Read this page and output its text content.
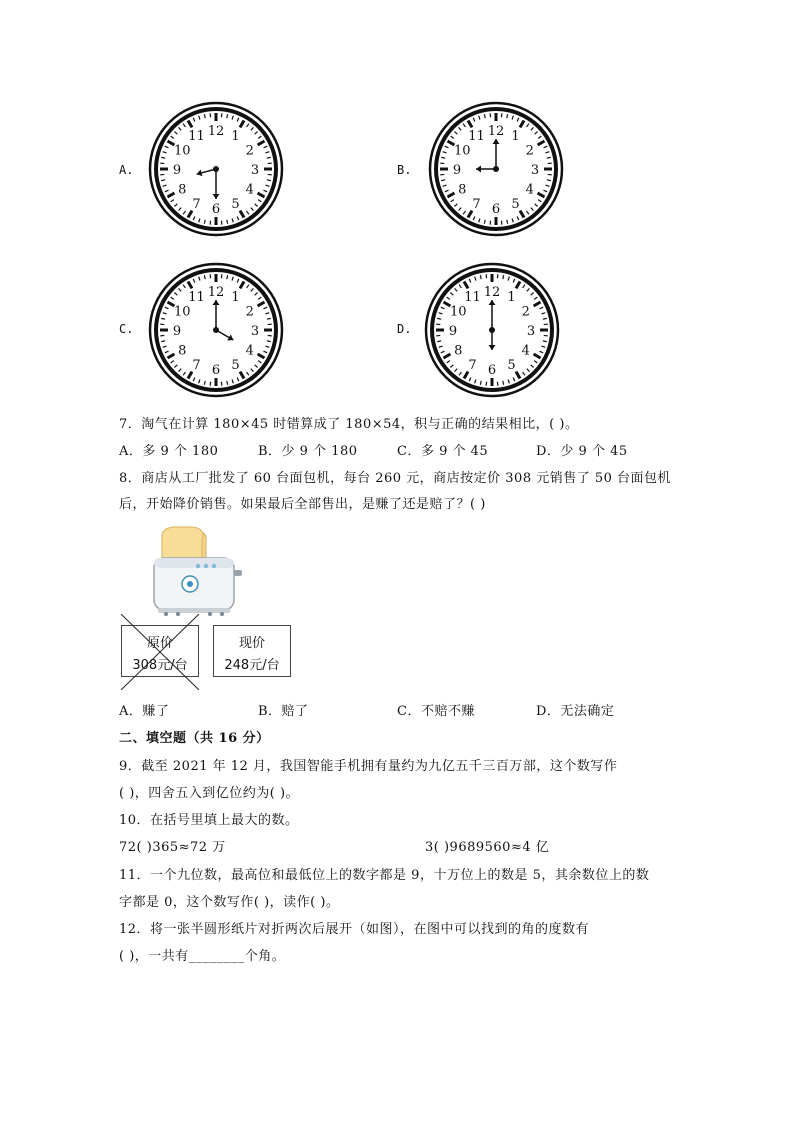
A.
12 1
2
3
4
5
6
7
8
9
10
11
B.
12 1
2
3
4
5
6
7
8
9
10
11
C.
12 1
2
3
4
5
6
7
8
9
10
11
D.
12 1
2
3
4
5
6
7
8
9
10
11
7．淘气在计算 180×45 时错算成了 180×54，积与正确的结果相比，( )。
A．多 9 个 180	B．少 9 个 180	C．多 9 个 45	D．少 9 个 45
8．商店从工厂批发了 60 台面包机，每台 260 元，商店按定价 308 元销售了 50 台面包机
后，开始降价销售。如果最后全部售出，是赚了还是赔了？( )
原价
308元/台
现价
248元/台
A．赚了	B．赔了	C．不赔不赚	D．无法确定
二、填空题（共 16 分）
9．截至 2021 年 12 月，我国智能手机拥有量约为九亿五千三百万部，这个数写作
( )，四舍五入到亿位约为( )。
10．在括号里填上最大的数。
72( )365≈72 万	3( )9689560≈4 亿
11．一个九位数，最高位和最低位上的数字都是 9，十万位上的数是 5，其余数位上的数
字都是 0，这个数写作( )，读作( )。
12．将一张半圆形纸片对折两次后展开（如图），在图中可以找到的角的度数有
( )，一共有________个角。
